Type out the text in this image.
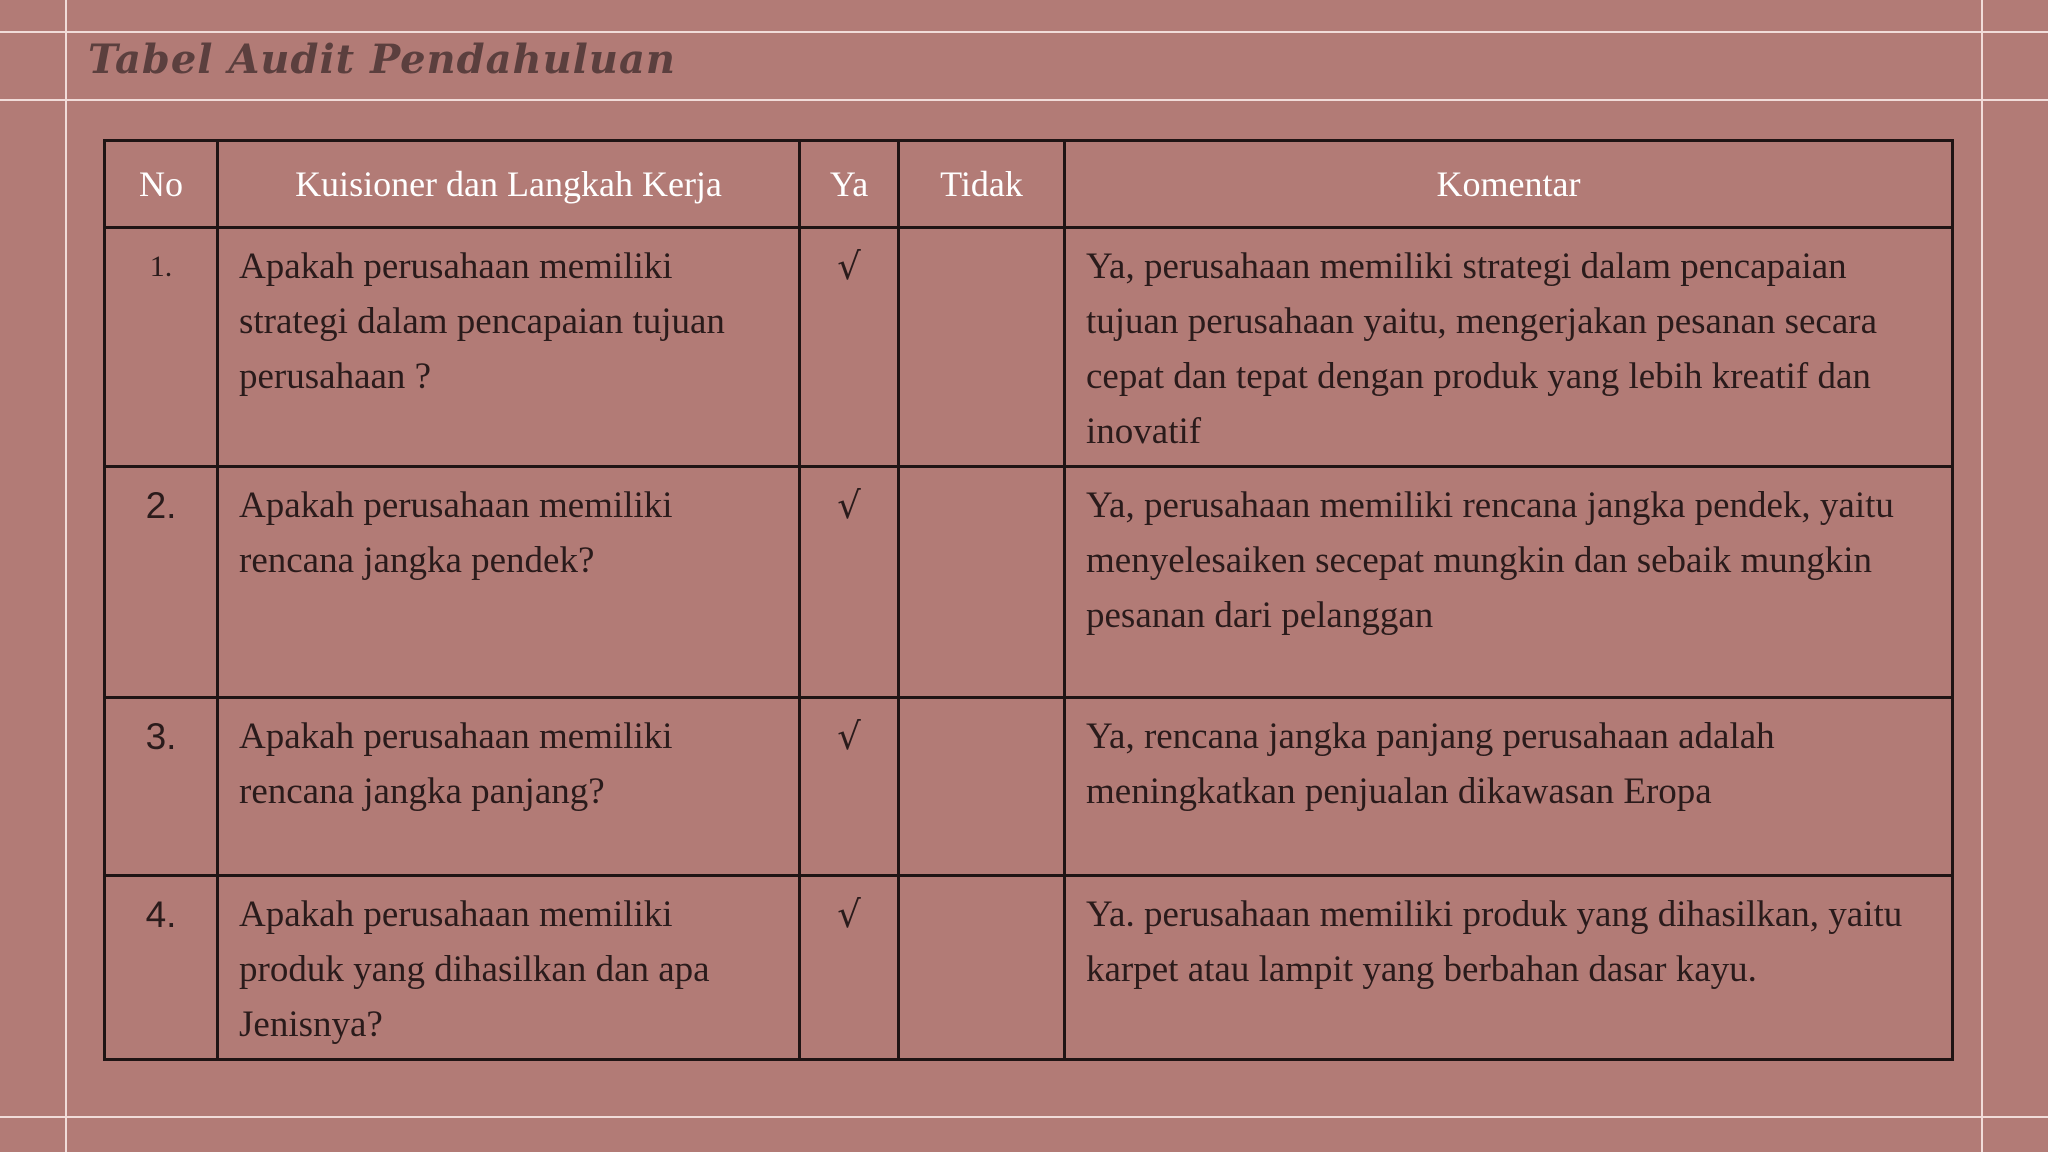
Tabel Audit Pendahuluan
No	Kuisioner dan Langkah Kerja	Ya	Tidak	Komentar
1.	Apakah perusahaan memiliki strategi dalam pencapaian tujuan perusahaan ?	√		Ya, perusahaan memiliki strategi dalam pencapaian tujuan perusahaan yaitu, mengerjakan pesanan secara cepat dan tepat dengan produk yang lebih kreatif dan inovatif
2.	Apakah perusahaan memiliki rencana jangka pendek?	√		Ya, perusahaan memiliki rencana jangka pendek, yaitu menyelesaiken secepat mungkin dan sebaik mungkin pesanan dari pelanggan
3.	Apakah perusahaan memiliki rencana jangka panjang?	√		Ya, rencana jangka panjang perusahaan adalah meningkatkan penjualan dikawasan Eropa
4.	Apakah perusahaan memiliki produk yang dihasilkan dan apa Jenisnya?	√		Ya. perusahaan memiliki produk yang dihasilkan, yaitu karpet atau lampit yang berbahan dasar kayu.
